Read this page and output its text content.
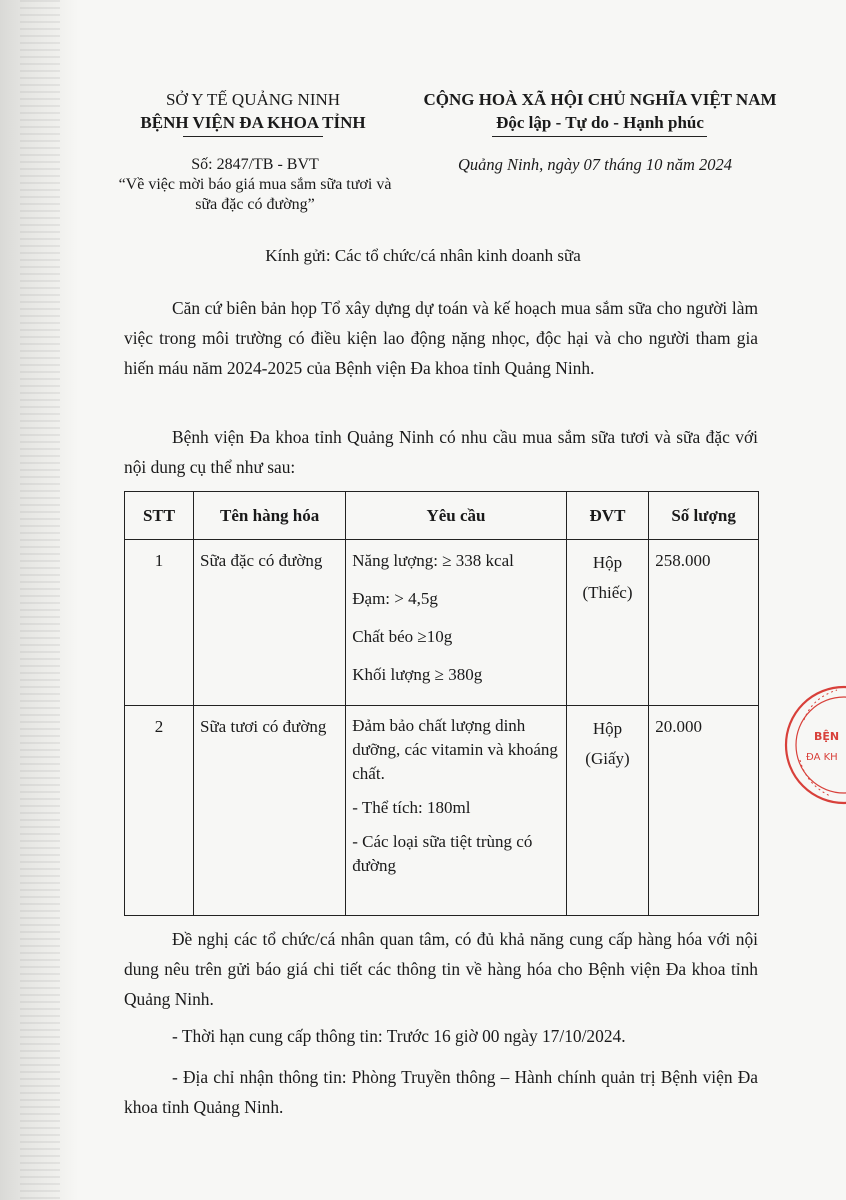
SỞ Y TẾ QUẢNG NINH
BỆNH VIỆN ĐA KHOA TỈNH
CỘNG HOÀ XÃ HỘI CHỦ NGHĨA VIỆT NAM
Độc lập - Tự do - Hạnh phúc
Số: 2847/TB - BVT
“Về việc mời báo giá mua sắm sữa tươi và
sữa đặc có đường”
Quảng Ninh, ngày 07 tháng 10 năm 2024
Kính gửi: Các tổ chức/cá nhân kinh doanh sữa

Căn cứ biên bản họp Tổ xây dựng dự toán và kế hoạch mua sắm sữa cho người làm việc trong môi trường có điều kiện lao động nặng nhọc, độc hại và cho người tham gia hiến máu năm 2024-2025 của Bệnh viện Đa khoa tỉnh Quảng Ninh.

Bệnh viện Đa khoa tỉnh Quảng Ninh có nhu cầu mua sắm sữa tươi và sữa đặc với nội dung cụ thể như sau:

STT	Tên hàng hóa	Yêu cầu	ĐVT	Số lượng
1	Sữa đặc có đường	Năng lượng: ≥ 338 kcal
Đạm: > 4,5g
Chất béo ≥10g
Khối lượng ≥ 380g	Hộp
(Thiếc)	258.000
2	Sữa tươi có đường	Đảm bảo chất lượng dinh dưỡng, các vitamin và khoáng chất.
- Thể tích: 180ml
- Các loại sữa tiệt trùng có đường	Hộp
(Giấy)	20.000

Đề nghị các tổ chức/cá nhân quan tâm, có đủ khả năng cung cấp hàng hóa với nội dung nêu trên gửi báo giá chi tiết các thông tin về hàng hóa cho Bệnh viện Đa khoa tỉnh Quảng Ninh.

- Thời hạn cung cấp thông tin: Trước 16 giờ 00 ngày 17/10/2024.

- Địa chỉ nhận thông tin: Phòng Truyền thông – Hành chính quản trị Bệnh viện Đa khoa tỉnh Quảng Ninh.

BỆN
ĐA KH
